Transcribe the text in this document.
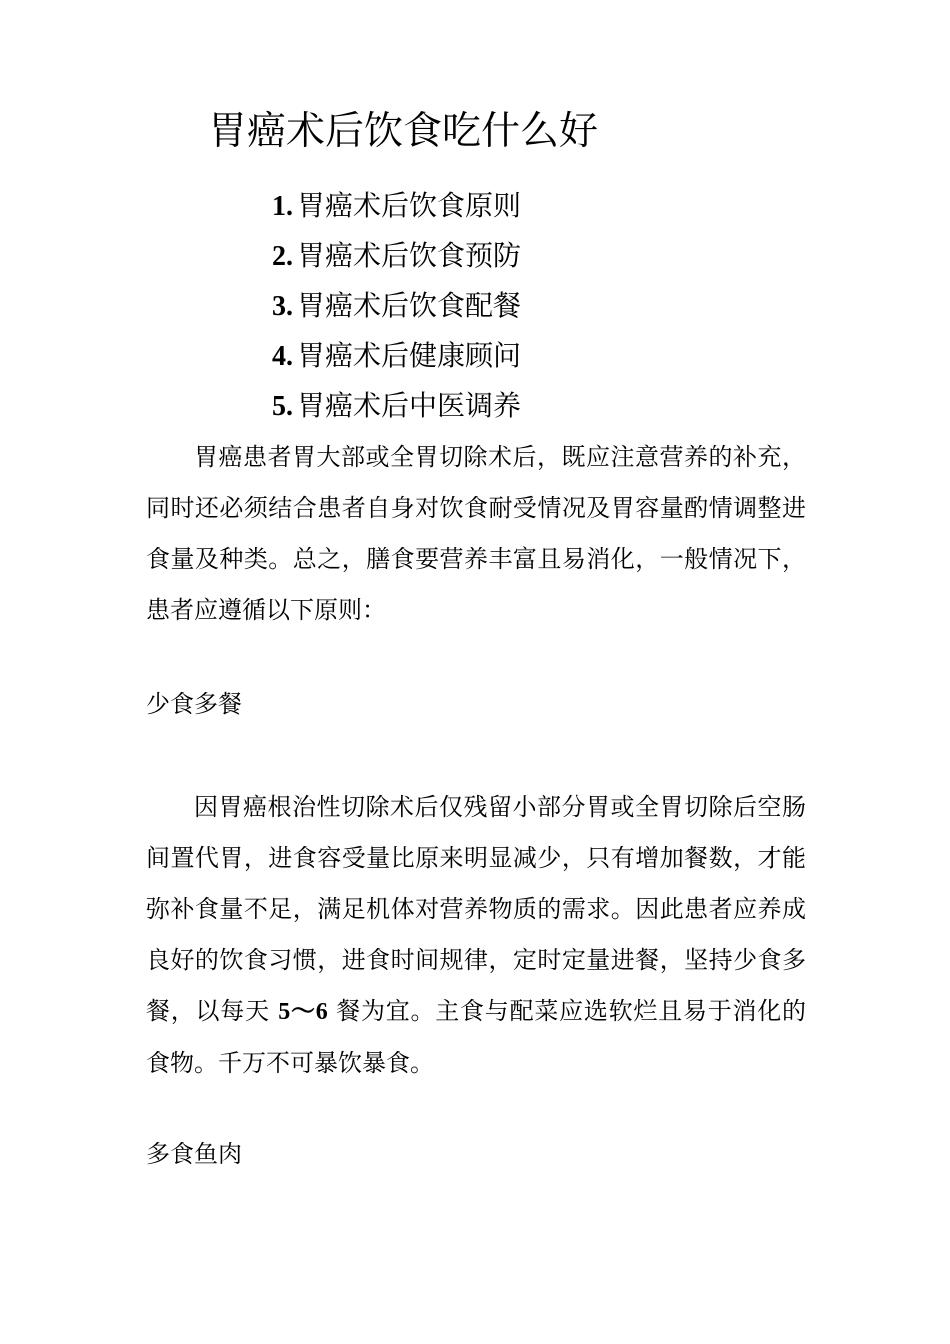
胃癌术后饮食吃什么好
1. 胃癌术后饮食原则
2. 胃癌术后饮食预防
3. 胃癌术后饮食配餐
4. 胃癌术后健康顾问
5. 胃癌术后中医调养

胃癌患者胃大部或全胃切除术后，既应注意营养的补充，同时还必须结合患者自身对饮食耐受情况及胃容量酌情调整进食量及种类。总之，膳食要营养丰富且易消化，一般情况下，患者应遵循以下原则：

少食多餐

因胃癌根治性切除术后仅残留小部分胃或全胃切除后空肠间置代胃，进食容受量比原来明显减少，只有增加餐数，才能弥补食量不足，满足机体对营养物质的需求。因此患者应养成良好的饮食习惯，进食时间规律，定时定量进餐，坚持少食多餐，以每天 5～6 餐为宜。主食与配菜应选软烂且易于消化的食物。千万不可暴饮暴食。

多食鱼肉
